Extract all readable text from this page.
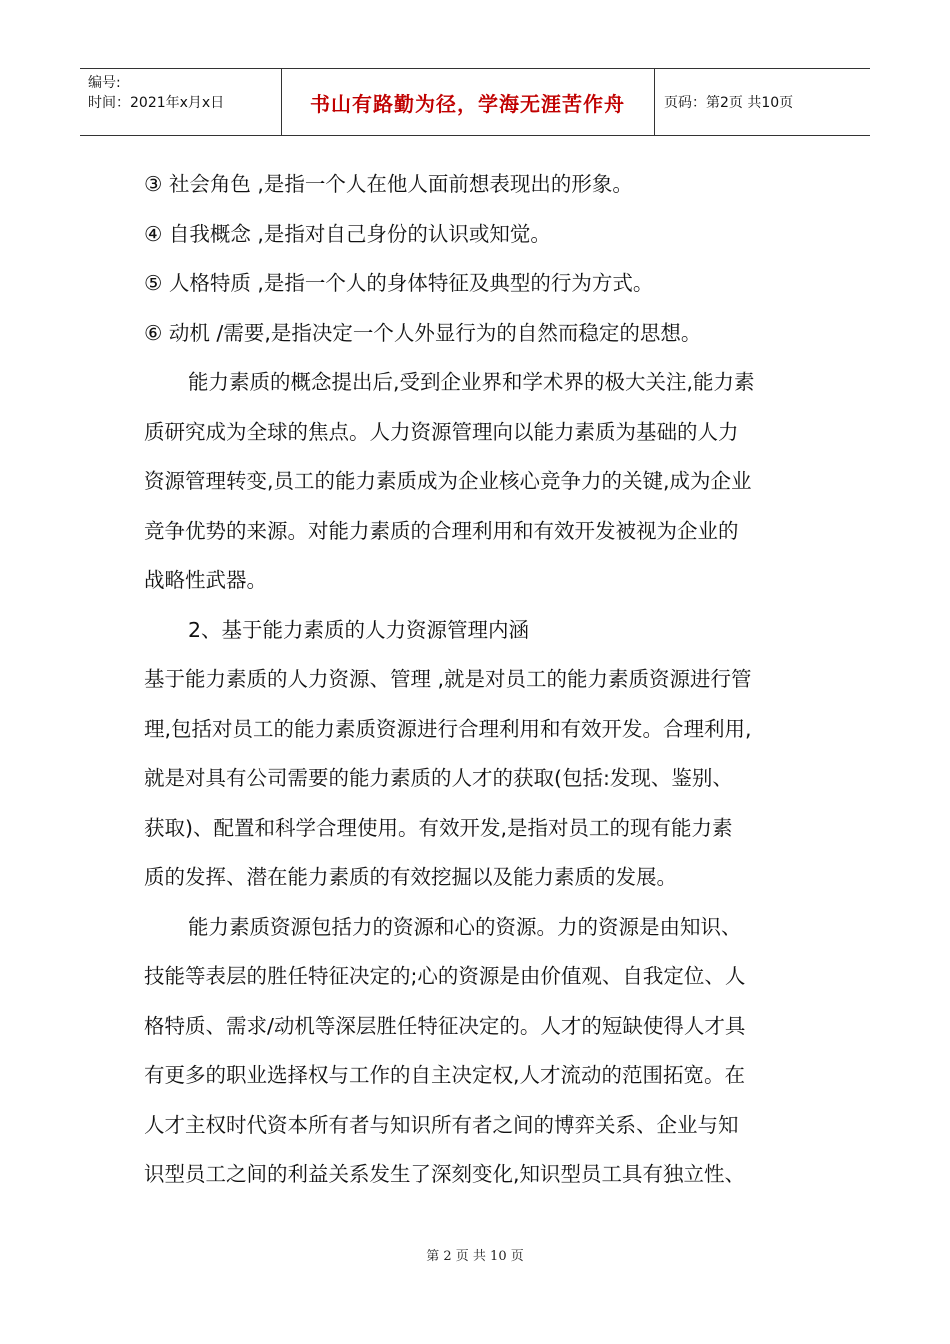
编号:
时间：2021年x月x日	书山有路勤为径，学海无涯苦作舟	页码：第2页 共10页
③ 社会角色 ,是指一个人在他人面前想表现出的形象。
④ 自我概念 ,是指对自己身份的认识或知觉。
⑤ 人格特质 ,是指一个人的身体特征及典型的行为方式。
⑥ 动机 /需要,是指决定一个人外显行为的自然而稳定的思想。
能力素质的概念提出后,受到企业界和学术界的极大关注,能力素
质研究成为全球的焦点。人力资源管理向以能力素质为基础的人力
资源管理转变,员工的能力素质成为企业核心竞争力的关键,成为企业
竞争优势的来源。对能力素质的合理利用和有效开发被视为企业的
战略性武器。
2、基于能力素质的人力资源管理内涵
基于能力素质的人力资源、管理 ,就是对员工的能力素质资源进行管
理,包括对员工的能力素质资源进行合理利用和有效开发。合理利用,
就是对具有公司需要的能力素质的人才的获取(包括:发现、鉴别、
获取)、配置和科学合理使用。有效开发,是指对员工的现有能力素
质的发挥、潜在能力素质的有效挖掘以及能力素质的发展。
能力素质资源包括力的资源和心的资源。力的资源是由知识、
技能等表层的胜任特征决定的;心的资源是由价值观、自我定位、人
格特质、需求/动机等深层胜任特征决定的。人才的短缺使得人才具
有更多的职业选择权与工作的自主决定权,人才流动的范围拓宽。在
人才主权时代资本所有者与知识所有者之间的博弈关系、企业与知
识型员工之间的利益关系发生了深刻变化,知识型员工具有独立性、
第 2 页 共 10 页
